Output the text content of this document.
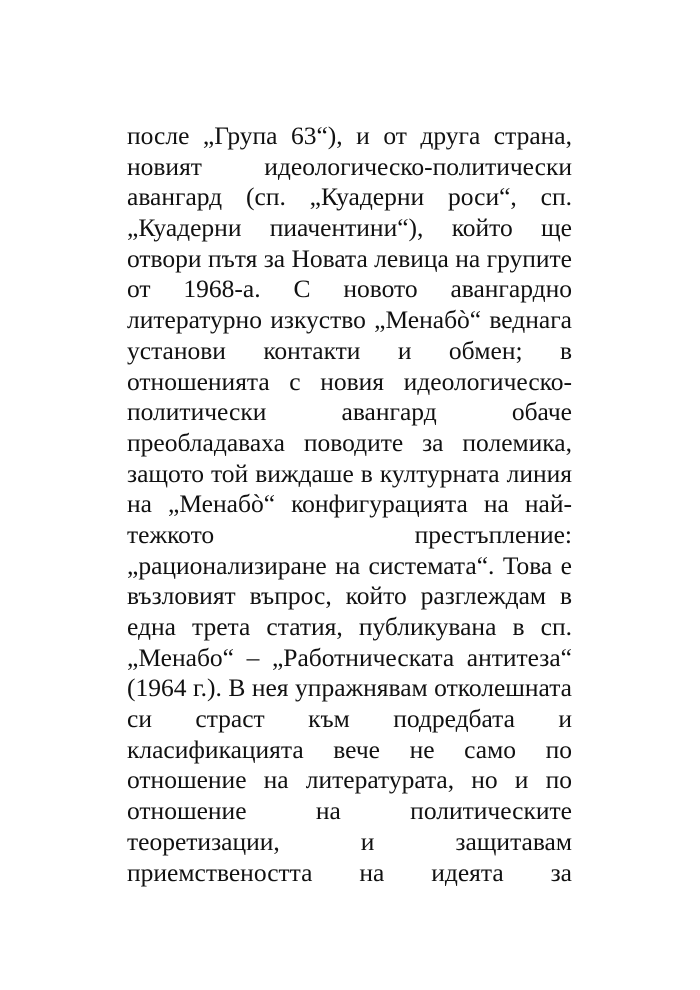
после „Група 63“), и от друга страна,
новият идеологическо-политически
авангард (сп. „Куадерни роси“, сп.
„Куадерни пиачентини“), който ще
отвори пътя за Новата левица на групите
от 1968-а. С новото авангардно
литературно изкуство „Менабò“ веднага
установи контакти и обмен; в
отношенията с новия идеологическо-
политически авангард обаче
преобладаваха поводите за полемика,
защото той виждаше в културната линия
на „Менабò“ конфигурацията на най-
тежкото престъпление:
„рационализиране на системата“. Това е
възловият въпрос, който разглеждам в
една трета статия, публикувана в сп.
„Менабо“ – „Работническата антитеза“
(1964 г.). В нея упражнявам отколешната
си страст към подредбата и
класификацията вече не само по
отношение на литературата, но и по
отношение на политическите
теоретизации, и защитавам
приемствеността на идеята за
